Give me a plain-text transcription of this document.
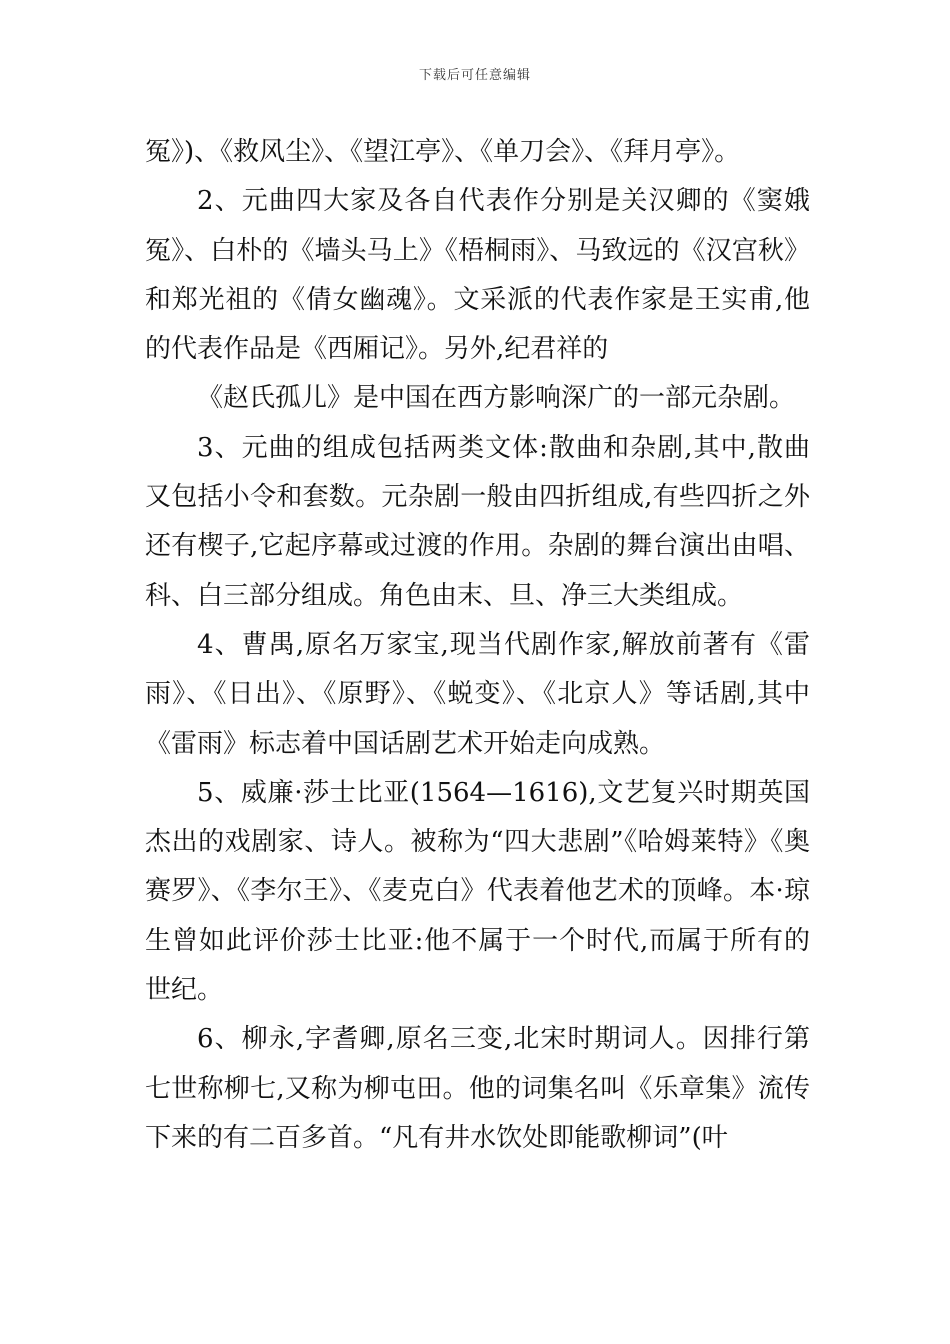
下载后可任意编辑

冤》)、《救风尘》、《望江亭》、《单刀会》、《拜月亭》。

2、元曲四大家及各自代表作分别是关汉卿的《窦娥冤》、白朴的《墙头马上》《梧桐雨》、马致远的《汉宫秋》和郑光祖的《倩女幽魂》。文采派的代表作家是王实甫,他的代表作品是《西厢记》。另外,纪君祥的

《赵氏孤儿》是中国在西方影响深广的一部元杂剧。

3、元曲的组成包括两类文体:散曲和杂剧,其中,散曲又包括小令和套数。元杂剧一般由四折组成,有些四折之外还有楔子,它起序幕或过渡的作用。杂剧的舞台演出由唱、科、白三部分组成。角色由末、旦、净三大类组成。

4、曹禺,原名万家宝,现当代剧作家,解放前著有《雷雨》、《日出》、《原野》、《蜕变》、《北京人》等话剧,其中《雷雨》标志着中国话剧艺术开始走向成熟。

5、威廉·莎士比亚(1564—1616),文艺复兴时期英国杰出的戏剧家、诗人。被称为“四大悲剧”《哈姆莱特》《奥赛罗》、《李尔王》、《麦克白》代表着他艺术的顶峰。本·琼生曾如此评价莎士比亚:他不属于一个时代,而属于所有的世纪。

6、柳永,字耆卿,原名三变,北宋时期词人。因排行第七世称柳七,又称为柳屯田。他的词集名叫《乐章集》流传下来的有二百多首。“凡有井水饮处即能歌柳词”(叶
